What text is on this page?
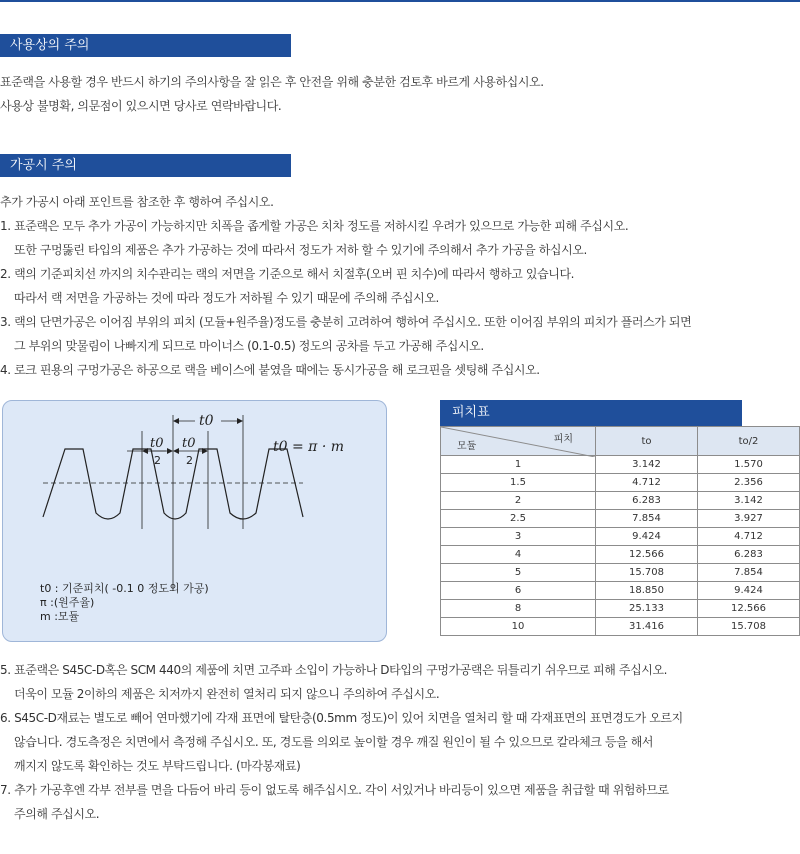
사용상의 주의
표준랙을 사용할 경우 반드시 하기의 주의사항을 잘 읽은 후 안전을 위해 충분한 검토후 바르게 사용하십시오.
사용상 불명확, 의문점이 있으시면 당사로 연락바랍니다.
가공시 주의
추가 가공시 아래 포인트를 참조한 후 행하여 주십시오.
1. 표준랙은 모두 추가 가공이 가능하지만 치폭을 좁게할 가공은 치차 정도를 저하시킬 우려가 있으므로 가능한 피해 주십시오.
또한 구멍뚫린 타입의 제품은 추가 가공하는 것에 따라서 정도가 저하 할 수 있기에 주의해서 추가 가공을 하십시오.
2. 랙의 기준피치선 까지의 치수관리는 랙의 저면을 기준으로 해서 치절후(오버 핀 치수)에 따라서 행하고 있습니다.
따라서 랙 저면을 가공하는 것에 따라 정도가 저하될 수 있기 때문에 주의해 주십시오.
3. 랙의 단면가공은 이어짐 부위의 피치 (모듈+원주율)정도를 충분히 고려하여 행하여 주십시오. 또한 이어짐 부위의 피치가 플러스가 되면
그 부위의 맞물림이 나빠지게 되므로 마이너스 (0.1-0.5) 정도의 공차를 두고 가공해 주십시오.
4. 로크 핀용의 구멍가공은 하공으로 랙을 베이스에 붙였을 때에는 동시가공을 해 로크핀을 셋팅해 주십시오.
t0
t0
2
t0
2
t0 = π · m
t0 : 기준피치( -0.1 0 정도의 가공)
π :(원주율)
m :모듈
피치표
피치
모듈	to	to/2
1	3.142	1.570
1.5	4.712	2.356
2	6.283	3.142
2.5	7.854	3.927
3	9.424	4.712
4	12.566	6.283
5	15.708	7.854
6	18.850	9.424
8	25.133	12.566
10	31.416	15.708
5. 표준랙은 S45C-D혹은 SCM 440의 제품에 치면 고주파 소입이 가능하나 D타입의 구멍가공랙은 뒤틀리기 쉬우므로 피해 주십시오.
더욱이 모듈 2이하의 제품은 치저까지 완전히 열처리 되지 않으니 주의하여 주십시오.
6. S45C-D재료는 별도로 빼어 연마했기에 각재 표면에 탈탄층(0.5mm 정도)이 있어 치면을 열처리 할 때 각재표면의 표면경도가 오르지
않습니다. 경도측정은 치면에서 측정해 주십시오. 또, 경도를 의외로 높이할 경우 깨질 원인이 될 수 있으므로 칼라체크 등을 해서
깨지지 않도록 확인하는 것도 부탁드립니다. (마각봉재료)
7. 추가 가공후엔 각부 전부를 면을 다듬어 바리 등이 없도록 해주십시오. 각이 서있거나 바리등이 있으면 제품을 취급할 때 위험하므로
주의해 주십시오.
